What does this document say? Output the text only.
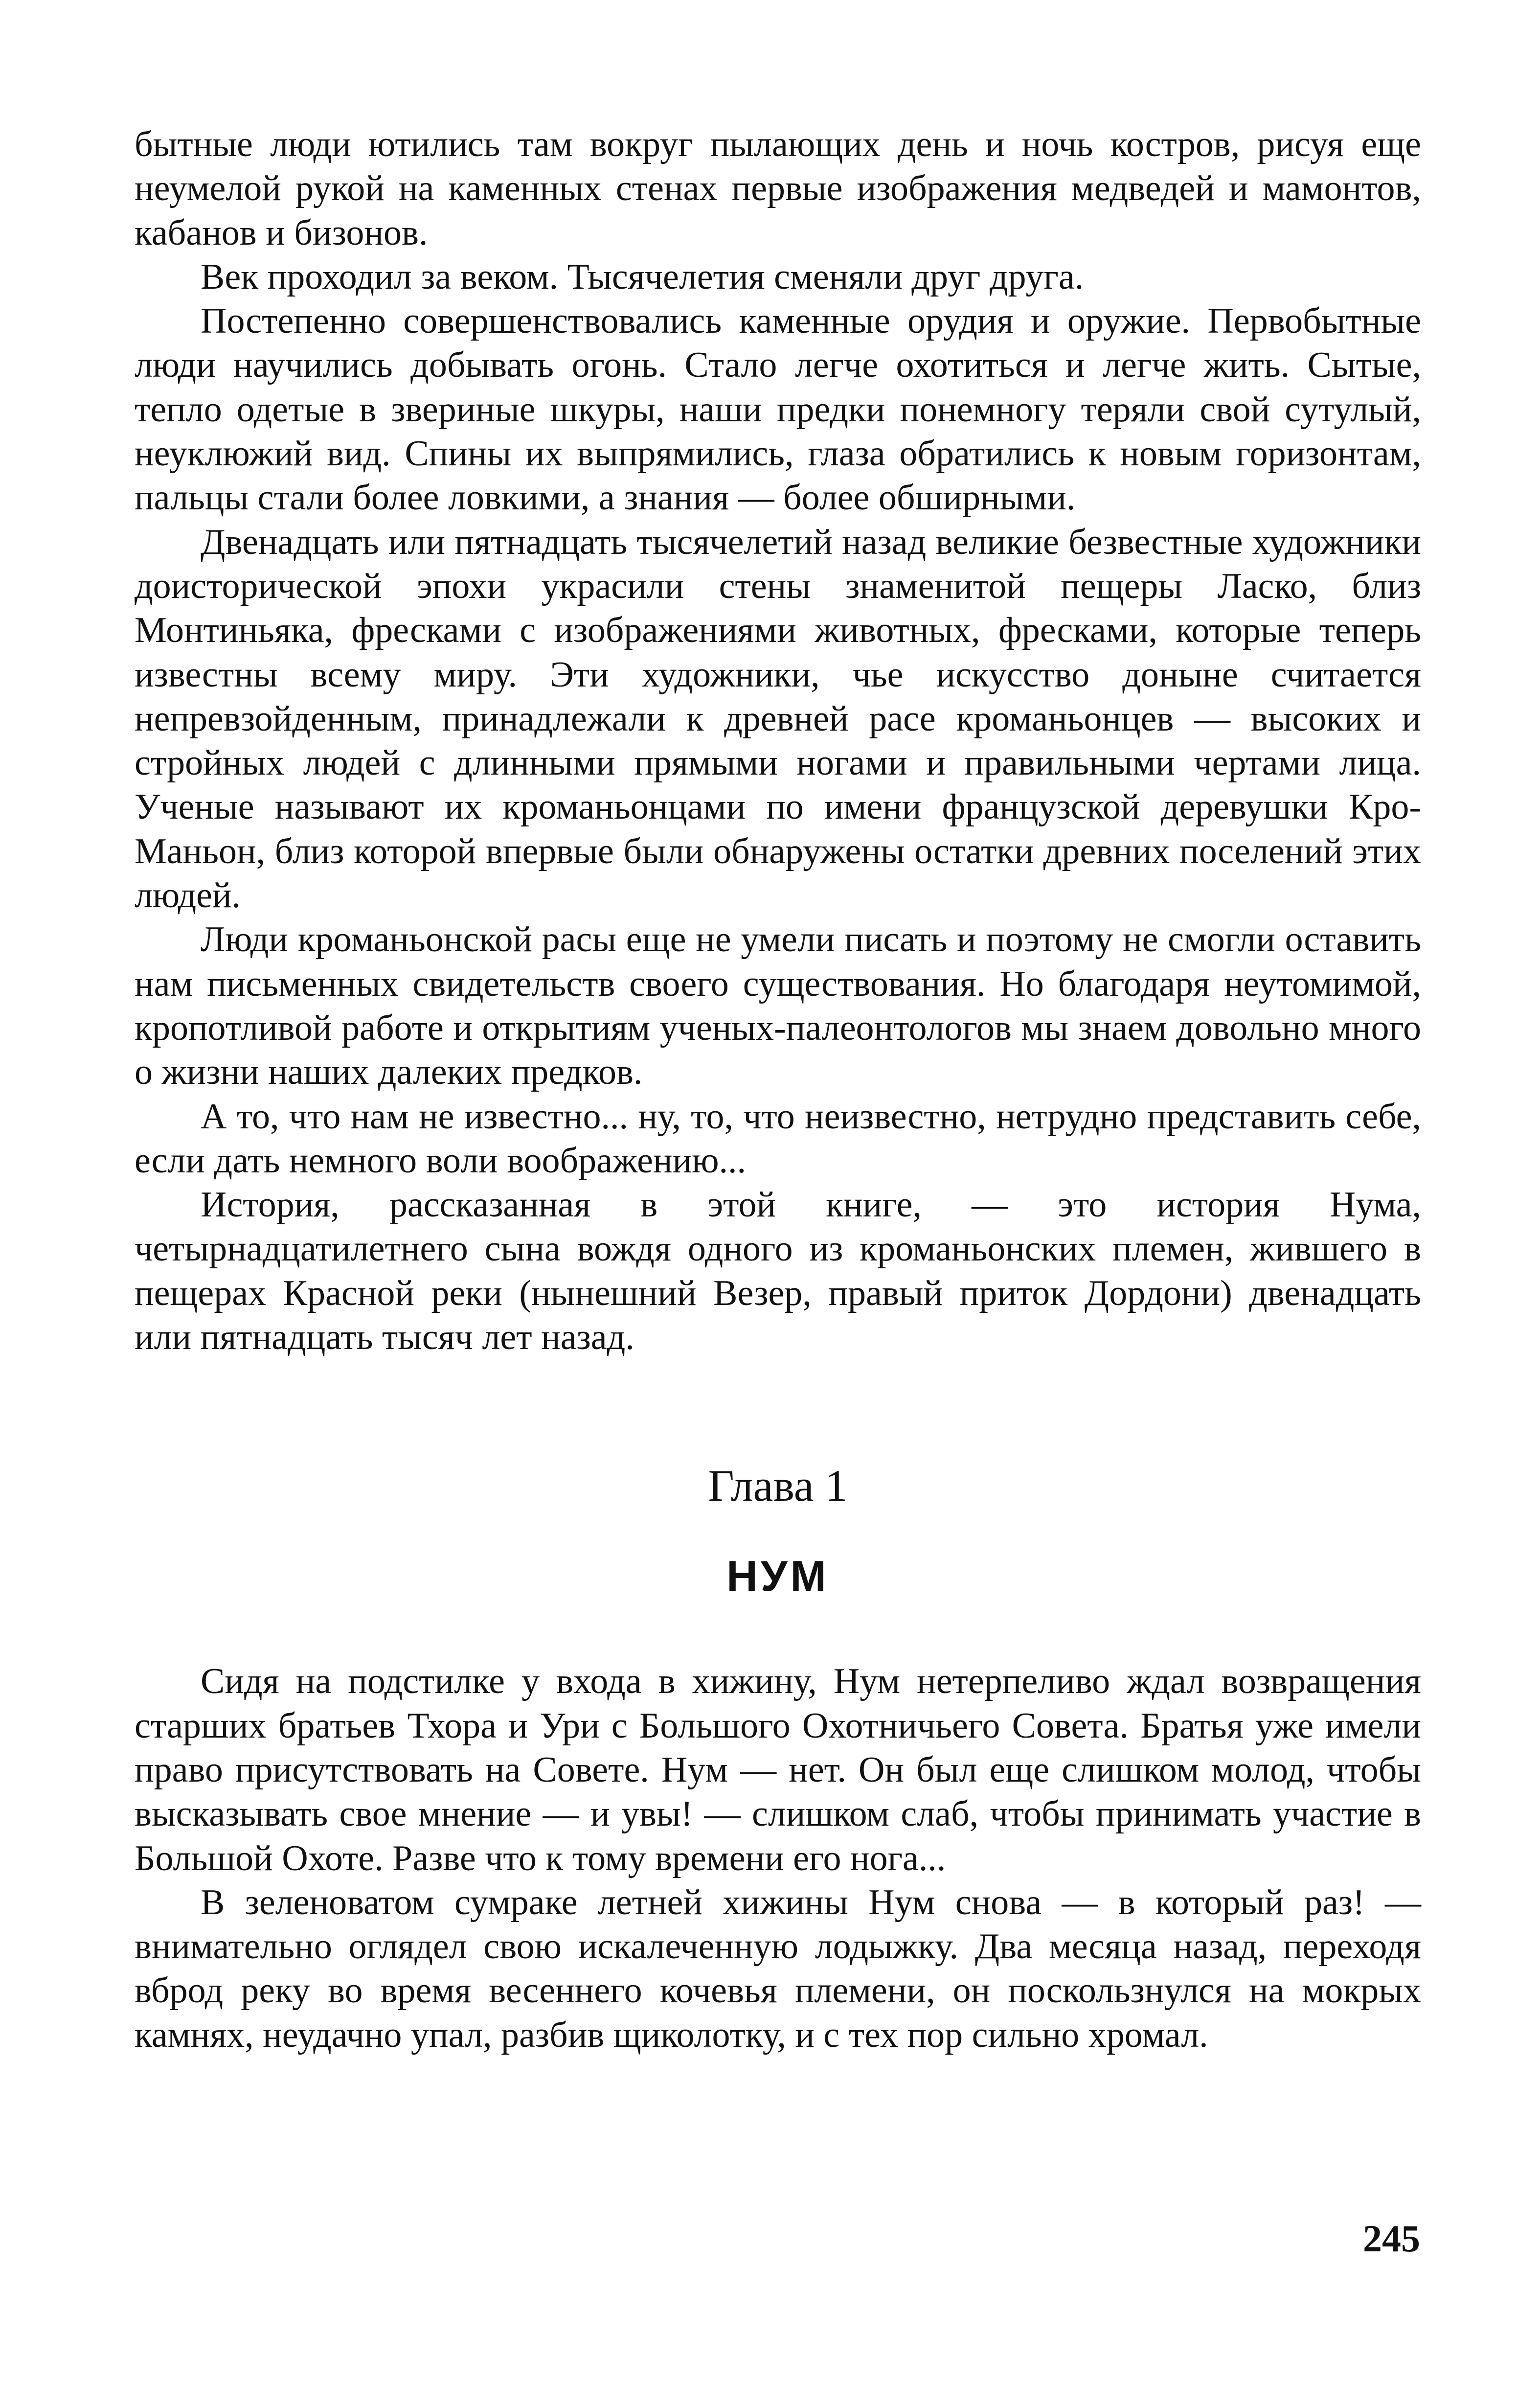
бытные люди ютились там вокруг пылающих день и ночь костров, рисуя еще неумелой рукой на каменных стенах первые изображения медведей и мамонтов, кабанов и бизонов.

Век проходил за веком. Тысячелетия сменяли друг друга.

Постепенно совершенствовались каменные орудия и оружие. Первобытные люди научились добывать огонь. Стало легче охотиться и легче жить. Сытые, тепло одетые в звериные шкуры, наши предки понемногу теряли свой сутулый, неуклюжий вид. Спины их выпрямились, глаза обратились к новым горизонтам, пальцы стали более ловкими, а знания — более обширными.

Двенадцать или пятнадцать тысячелетий назад великие безвестные художники доисторической эпохи украсили стены знаменитой пещеры Ласко, близ Монтиньяка, фресками с изображениями животных, фресками, которые теперь известны всему миру. Эти художники, чье искусство доныне считается непревзойденным, принадлежали к древней расе кроманьонцев — высоких и стройных людей с длинными прямыми ногами и правильными чертами лица. Ученые называют их кроманьонцами по имени французской деревушки Кро-Маньон, близ которой впервые были обнаружены остатки древних поселений этих людей.

Люди кроманьонской расы еще не умели писать и поэтому не смогли оставить нам письменных свидетельств своего существования. Но благодаря неутомимой, кропотливой работе и открытиям ученых-палеонтологов мы знаем довольно много о жизни наших далеких предков.

А то, что нам не известно... ну, то, что неизвестно, нетрудно представить себе, если дать немного воли воображению...

История, рассказанная в этой книге, — это история Нума, четырнадцатилетнего сына вождя одного из кроманьонских племен, жившего в пещерах Красной реки (нынешний Везер, правый приток Дордони) двенадцать или пятнадцать тысяч лет назад.

Глава 1
НУМ

Сидя на подстилке у входа в хижину, Нум нетерпеливо ждал возвращения старших братьев Тхора и Ури с Большого Охотничьего Совета. Братья уже имели право присутствовать на Совете. Нум — нет. Он был еще слишком молод, чтобы высказывать свое мнение — и увы! — слишком слаб, чтобы принимать участие в Большой Охоте. Разве что к тому времени его нога...

В зеленоватом сумраке летней хижины Нум снова — в который раз! — внимательно оглядел свою искалеченную лодыжку. Два месяца назад, переходя вброд реку во время весеннего кочевья племени, он поскользнулся на мокрых камнях, неудачно упал, разбив щиколотку, и с тех пор сильно хромал.

245
